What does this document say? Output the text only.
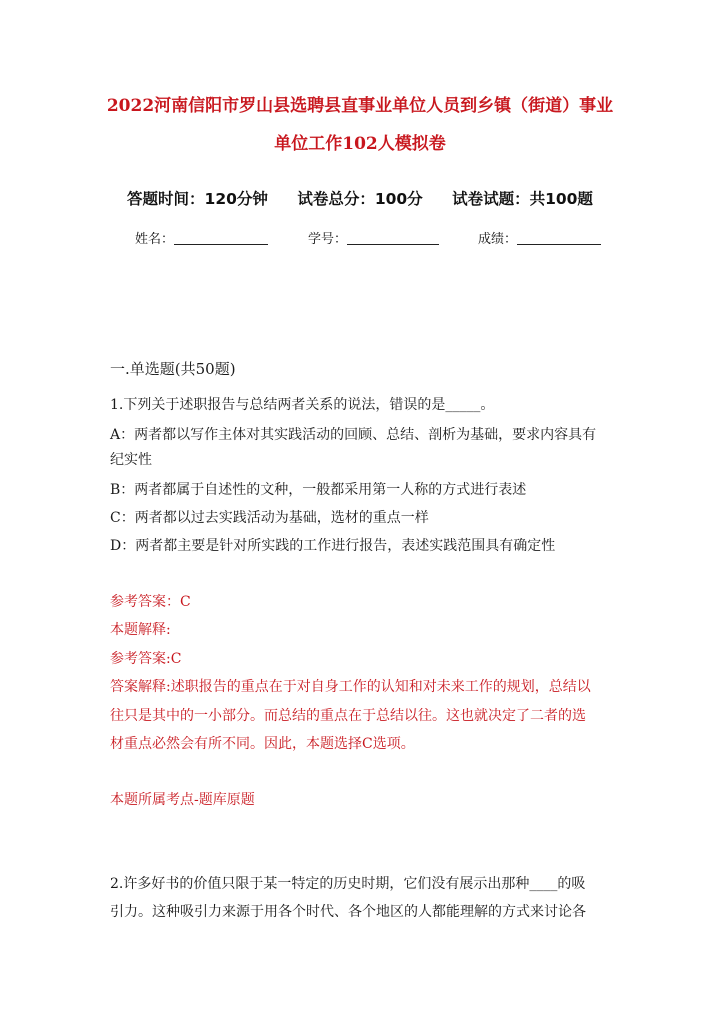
2022河南信阳市罗山县选聘县直事业单位人员到乡镇（街道）事业
单位工作102人模拟卷
答题时间：120分钟 试卷总分：100分 试卷试题：共100题
姓名：	学号：	成绩：
一.单选题(共50题)
1.下列关于述职报告与总结两者关系的说法，错误的是_____。
A：两者都以写作主体对其实践活动的回顾、总结、剖析为基础，要求内容具有
纪实性
B：两者都属于自述性的文种，一般都采用第一人称的方式进行表述
C：两者都以过去实践活动为基础，选材的重点一样
D：两者都主要是针对所实践的工作进行报告，表述实践范围具有确定性
参考答案：C
本题解释:
参考答案:C
答案解释:述职报告的重点在于对自身工作的认知和对未来工作的规划，总结以
往只是其中的一小部分。而总结的重点在于总结以往。这也就决定了二者的选
材重点必然会有所不同。因此，本题选择C选项。
本题所属考点-题库原题
2.许多好书的价值只限于某一特定的历史时期，它们没有展示出那种____的吸
引力。这种吸引力来源于用各个时代、各个地区的人都能理解的方式来讨论各
